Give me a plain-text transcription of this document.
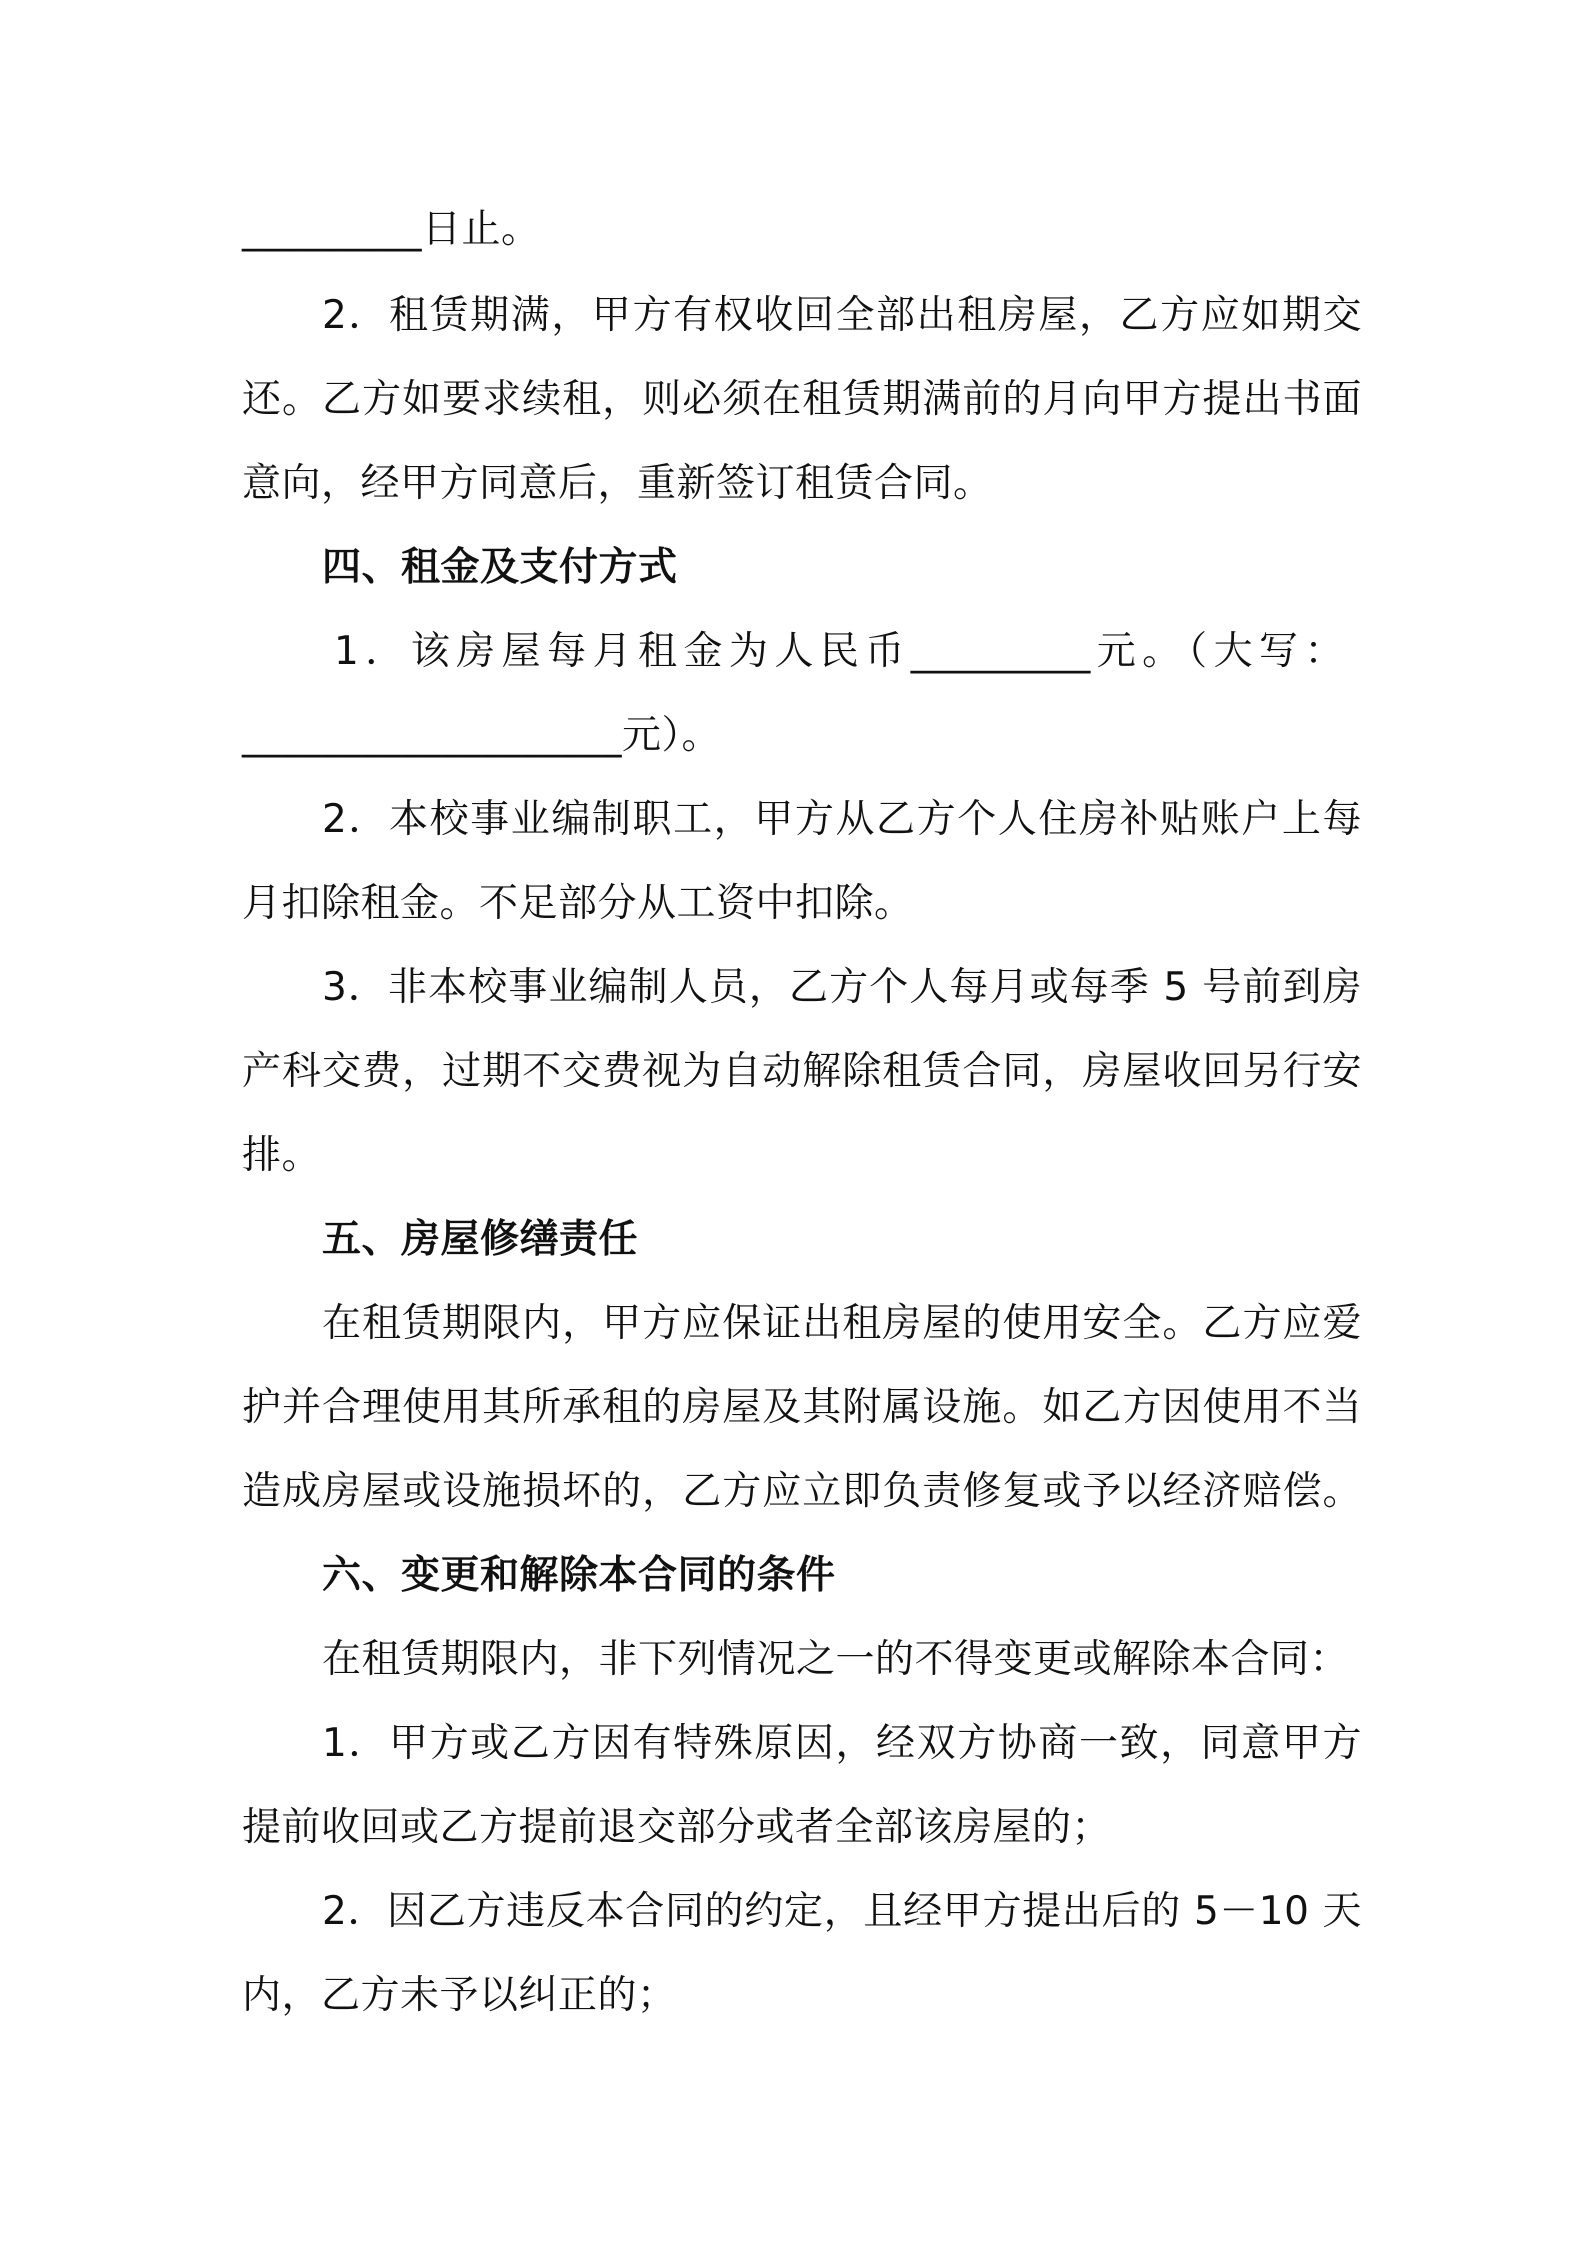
_________日止。
2．租赁期满，甲方有权收回全部出租房屋，乙方应如期交
还。乙方如要求续租，则必须在租赁期满前的月向甲方提出书面
意向，经甲方同意后，重新签订租赁合同。
四、租金及支付方式
1．该房屋每月租金为人民币_________元。（大写：
___________________元）。
2．本校事业编制职工，甲方从乙方个人住房补贴账户上每
月扣除租金。不足部分从工资中扣除。
3．非本校事业编制人员，乙方个人每月或每季 5 号前到房
产科交费，过期不交费视为自动解除租赁合同，房屋收回另行安
排。
五、房屋修缮责任
在租赁期限内，甲方应保证出租房屋的使用安全。乙方应爱
护并合理使用其所承租的房屋及其附属设施。如乙方因使用不当
造成房屋或设施损坏的，乙方应立即负责修复或予以经济赔偿。
六、变更和解除本合同的条件
在租赁期限内，非下列情况之一的不得变更或解除本合同：
1．甲方或乙方因有特殊原因，经双方协商一致，同意甲方
提前收回或乙方提前退交部分或者全部该房屋的；
2．因乙方违反本合同的约定，且经甲方提出后的 5－10 天
内，乙方未予以纠正的；
